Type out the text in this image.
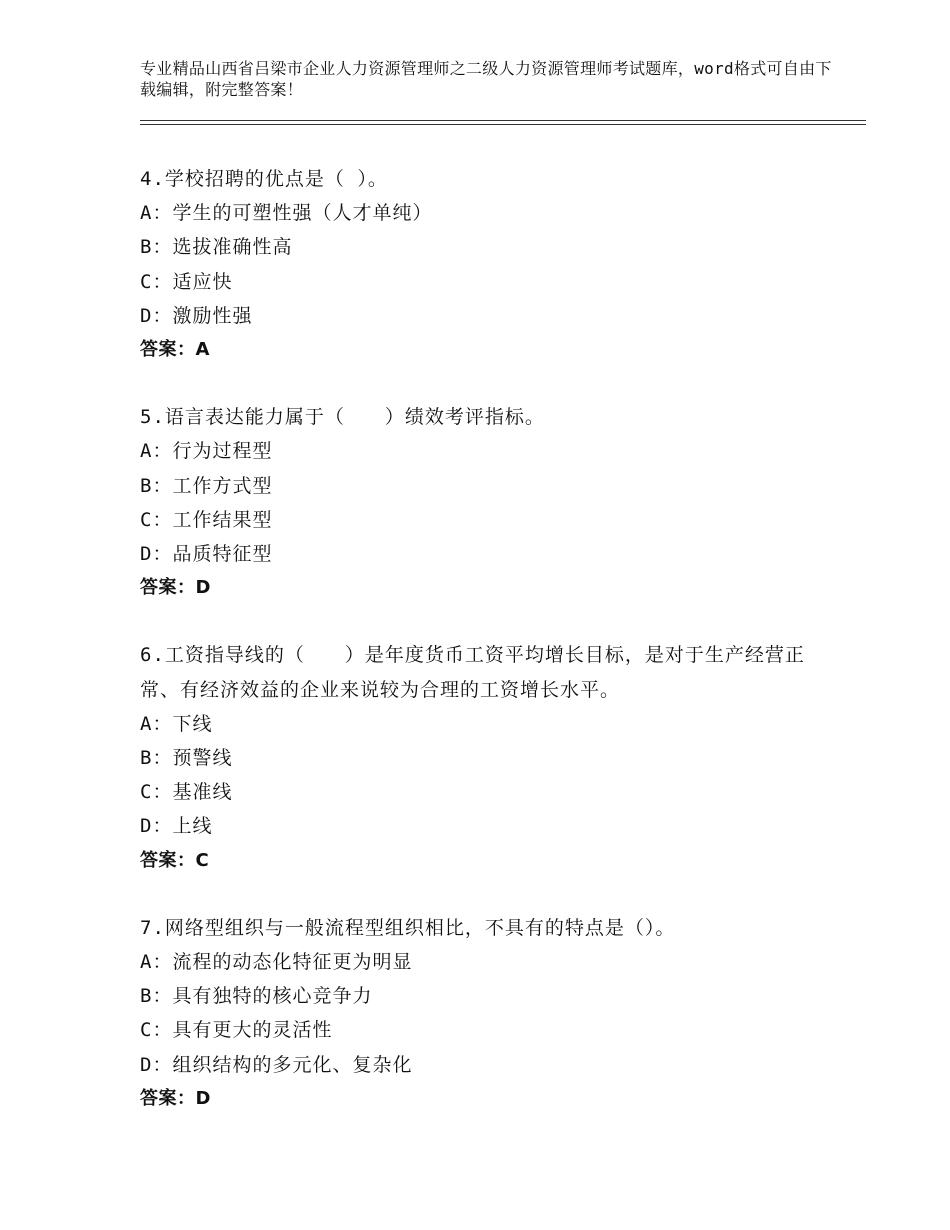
专业精品山西省吕梁市企业人力资源管理师之二级人力资源管理师考试题库，word格式可自由下载编辑，附完整答案！
4.学校招聘的优点是（ ）。
A：学生的可塑性强（人才单纯）
B：选拔准确性高
C：适应快
D：激励性强
答案：A
5.语言表达能力属于（　　）绩效考评指标。
A：行为过程型
B：工作方式型
C：工作结果型
D：品质特征型
答案：D
6.工资指导线的（　　）是年度货币工资平均增长目标，是对于生产经营正常、有经济效益的企业来说较为合理的工资增长水平。
A：下线
B：预警线
C：基准线
D：上线
答案：C
7.网络型组织与一般流程型组织相比，不具有的特点是（）。
A：流程的动态化特征更为明显
B：具有独特的核心竞争力
C：具有更大的灵活性
D：组织结构的多元化、复杂化
答案：D
